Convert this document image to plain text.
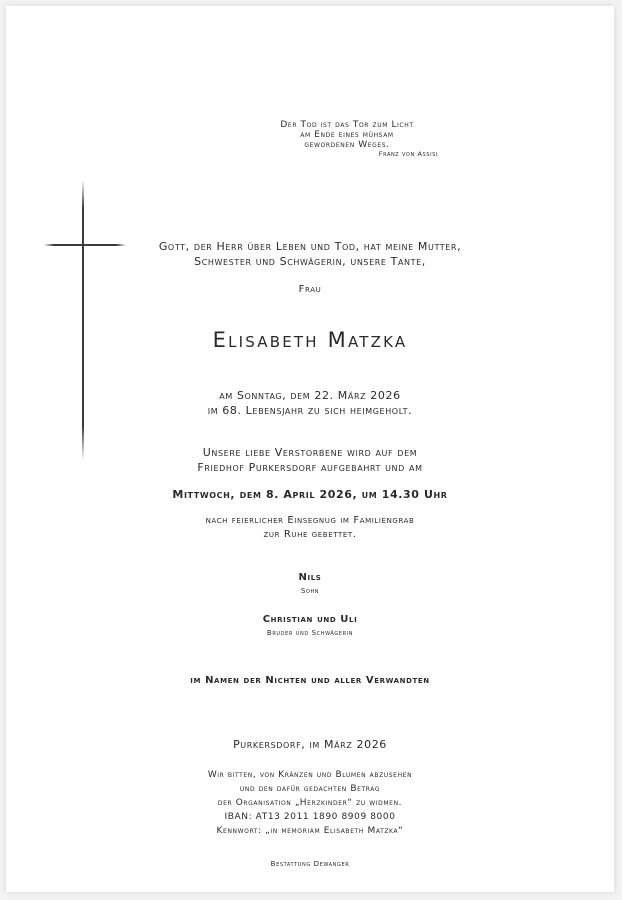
Der Tod ist das Tor zum Licht
am Ende eines mühsam
gewordenen Weges.
Franz von Assisi
Gott, der Herr über Leben und Tod, hat meine Mutter,
Schwester und Schwägerin, unsere Tante,
Frau
Elisabeth Matzka
am Sonntag, dem 22. März 2026
im 68. Lebensjahr zu sich heimgeholt.
Unsere liebe Verstorbene wird auf dem
Friedhof Purkersdorf aufgebahrt und am
Mittwoch, dem 8. April 2026, um 14.30 Uhr
nach feierlicher Einsegnug im Familiengrab
zur Ruhe gebettet.
Nils
Sohn
Christian und Uli
Bruder und Schwägerin
im Namen der Nichten und aller Verwandten
Purkersdorf, im März 2026
Wir bitten, von Kränzen und Blumen abzusehen
und den dafür gedachten Betrag
der Organisation „Herzkinder“ zu widmen.
IBAN: AT13 2011 1890 8909 8000
Kennwort: „in memoriam Elisabeth Matzka“
Bestattung Dewanger
